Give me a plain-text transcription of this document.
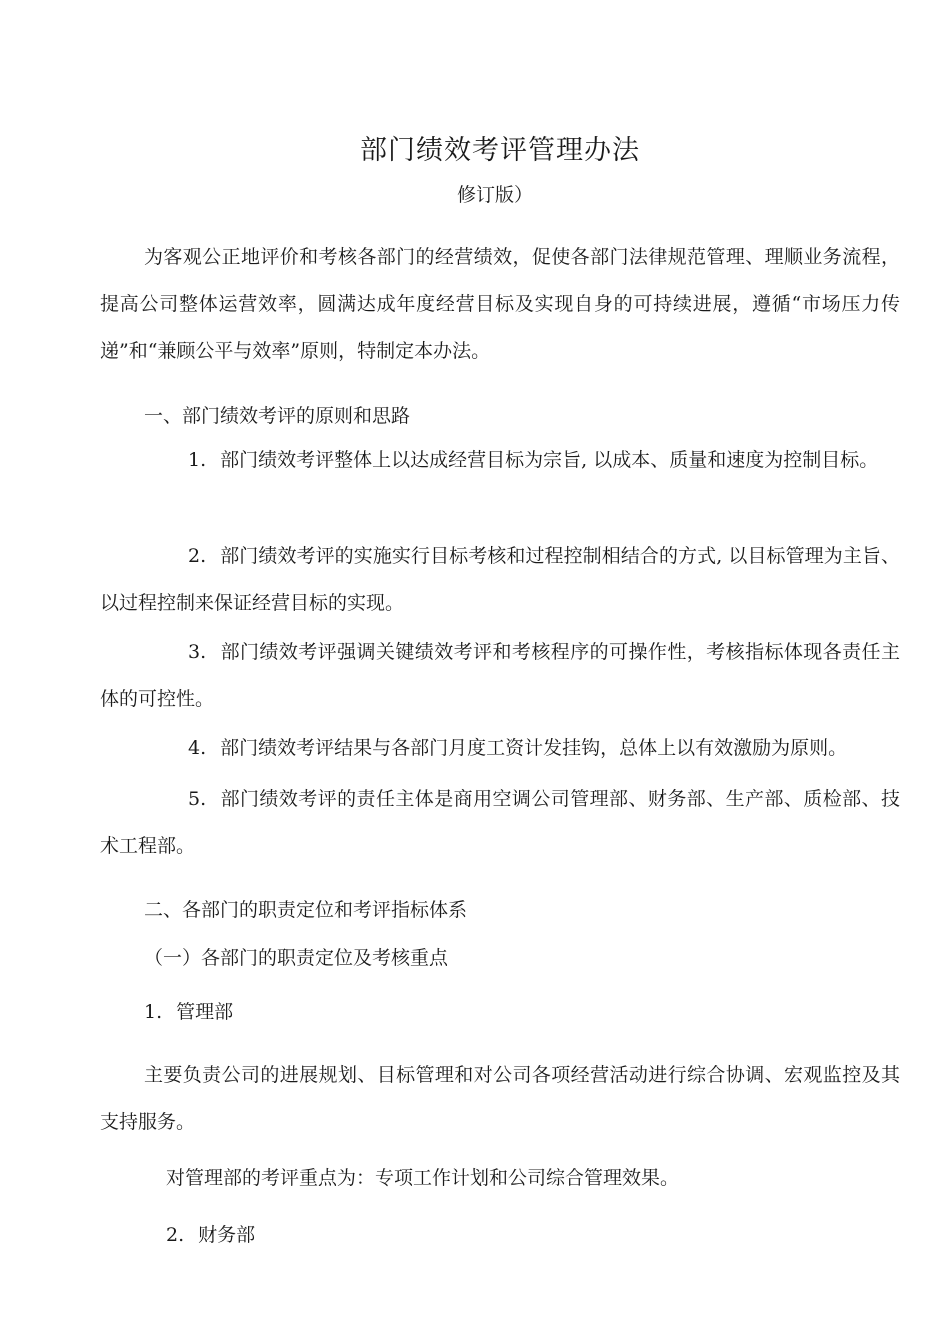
部门绩效考评管理办法
修订版）

为客观公正地评价和考核各部门的经营绩效，促使各部门法律规范管理、理顺业务流程，提高公司整体运营效率，圆满达成年度经营目标及实现自身的可持续进展，遵循“市场压力传递”和“兼顾公平与效率”原则，特制定本办法。

一、部门绩效考评的原则和思路

1. 部门绩效考评整体上以达成经营目标为宗旨, 以成本、质量和速度为控制目标。

2. 部门绩效考评的实施实行目标考核和过程控制相结合的方式, 以目标管理为主旨、以过程控制来保证经营目标的实现。

3. 部门绩效考评强调关键绩效考评和考核程序的可操作性，考核指标体现各责任主体的可控性。

4. 部门绩效考评结果与各部门月度工资计发挂钩，总体上以有效激励为原则。

5. 部门绩效考评的责任主体是商用空调公司管理部、财务部、生产部、质检部、技术工程部。

二、各部门的职责定位和考评指标体系

（一）各部门的职责定位及考核重点

1. 管理部

主要负责公司的进展规划、目标管理和对公司各项经营活动进行综合协调、宏观监控及其支持服务。

对管理部的考评重点为：专项工作计划和公司综合管理效果。

2. 财务部
